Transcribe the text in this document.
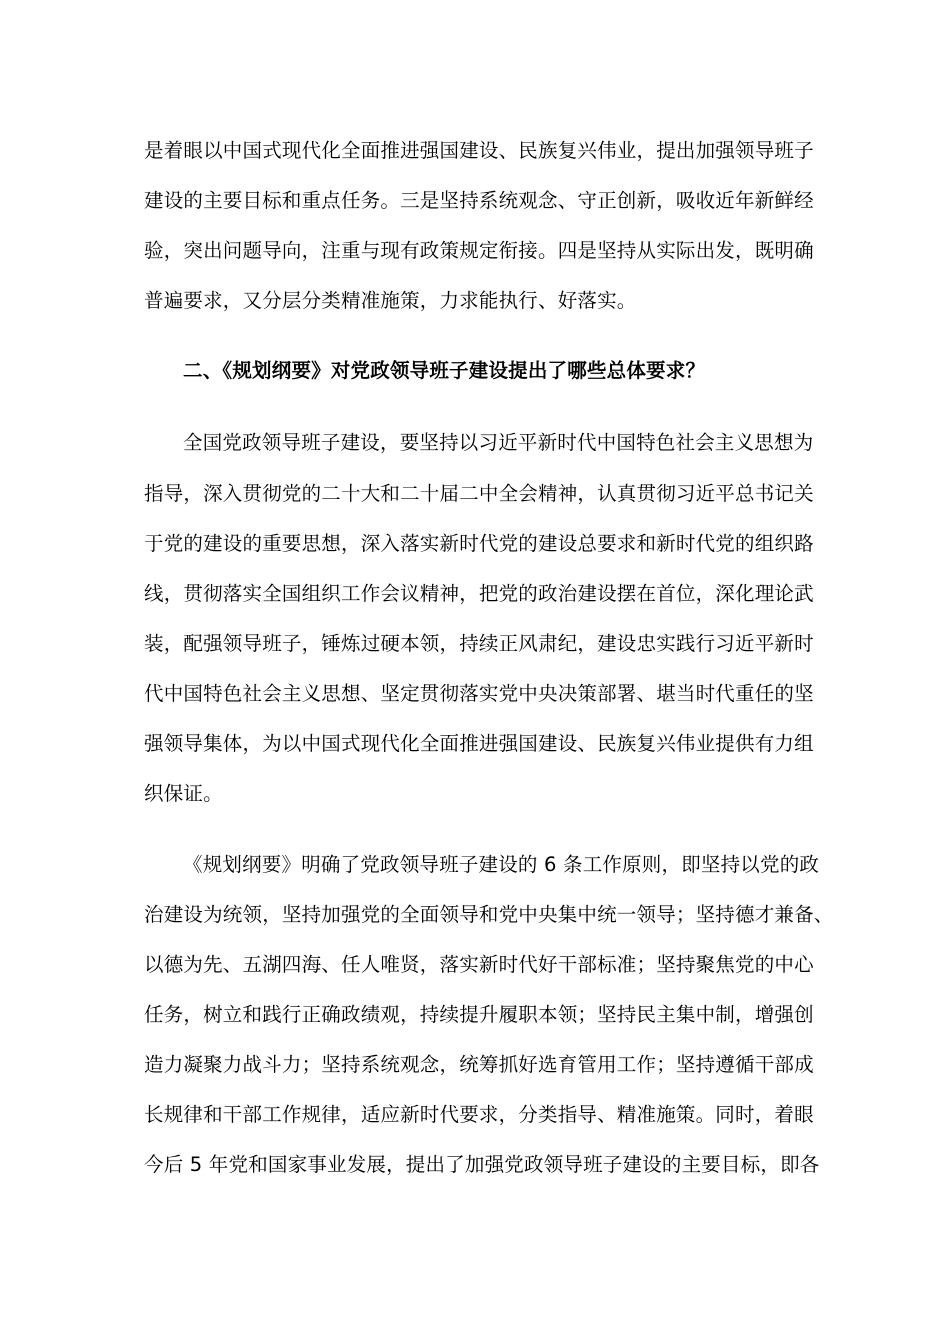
是着眼以中国式现代化全面推进强国建设、民族复兴伟业，提出加强领导班子
建设的主要目标和重点任务。三是坚持系统观念、守正创新，吸收近年新鲜经
验，突出问题导向，注重与现有政策规定衔接。四是坚持从实际出发，既明确
普遍要求，又分层分类精准施策，力求能执行、好落实。
二、《规划纲要》对党政领导班子建设提出了哪些总体要求？
全国党政领导班子建设，要坚持以习近平新时代中国特色社会主义思想为
指导，深入贯彻党的二十大和二十届二中全会精神，认真贯彻习近平总书记关
于党的建设的重要思想，深入落实新时代党的建设总要求和新时代党的组织路
线，贯彻落实全国组织工作会议精神，把党的政治建设摆在首位，深化理论武
装，配强领导班子，锤炼过硬本领，持续正风肃纪，建设忠实践行习近平新时
代中国特色社会主义思想、坚定贯彻落实党中央决策部署、堪当时代重任的坚
强领导集体，为以中国式现代化全面推进强国建设、民族复兴伟业提供有力组
织保证。
《规划纲要》明确了党政领导班子建设的 6 条工作原则，即坚持以党的政
治建设为统领，坚持加强党的全面领导和党中央集中统一领导；坚持德才兼备、
以德为先、五湖四海、任人唯贤，落实新时代好干部标准；坚持聚焦党的中心
任务，树立和践行正确政绩观，持续提升履职本领；坚持民主集中制，增强创
造力凝聚力战斗力；坚持系统观念，统筹抓好选育管用工作；坚持遵循干部成
长规律和干部工作规律，适应新时代要求，分类指导、精准施策。同时，着眼
今后 5 年党和国家事业发展，提出了加强党政领导班子建设的主要目标，即各
